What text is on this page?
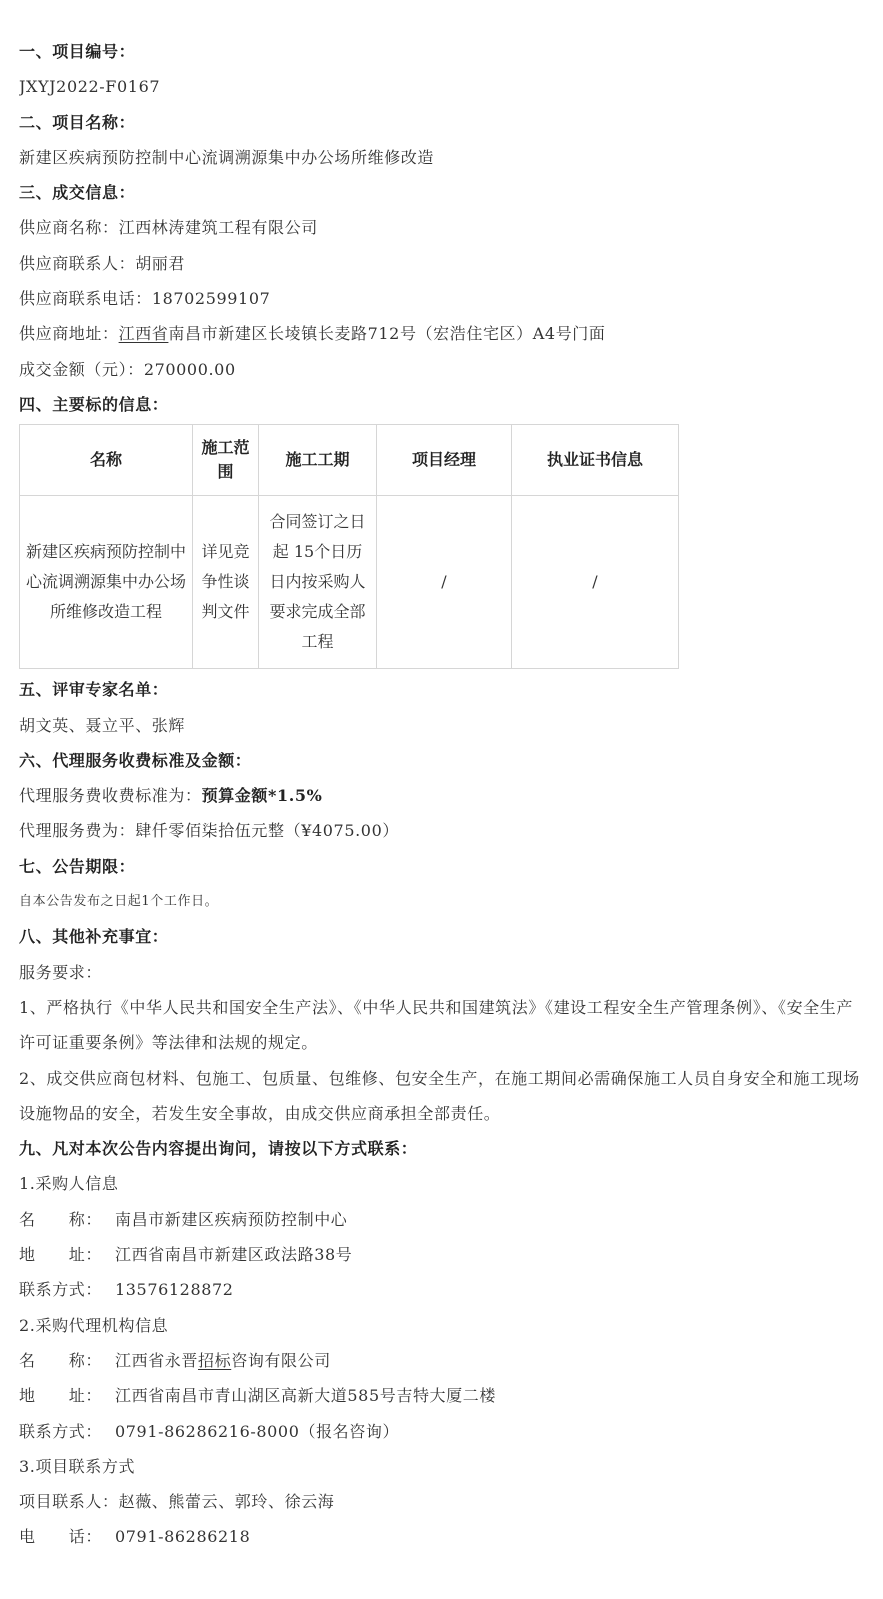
一、项目编号：
JXYJ2022-F0167
二、项目名称：
新建区疾病预防控制中心流调溯源集中办公场所维修改造
三、成交信息：
供应商名称：江西林涛建筑工程有限公司
供应商联系人：胡丽君
供应商联系电话：18702599107
供应商地址：江西省南昌市新建区长堎镇长麦路712号（宏浩住宅区）A4号门面
成交金额（元）：270000.00
四、主要标的信息：
名称	施工范围	施工工期	项目经理	执业证书信息
新建区疾病预防控制中心流调溯源集中办公场所维修改造工程	详见竞争性谈判文件	合同签订之日起 15个日历日内按采购人要求完成全部工程	/	/
五、评审专家名单：
胡文英、聂立平、张辉
六、代理服务收费标准及金额：
代理服务费收费标准为：预算金额*1.5%
代理服务费为：肆仟零佰柒拾伍元整（¥4075.00）
七、公告期限：
自本公告发布之日起1个工作日。
八、其他补充事宜：
服务要求：
1、严格执行《中华人民共和国安全生产法》、《中华人民共和国建筑法》《建设工程安全生产管理条例》、《安全生产许可证重要条例》等法律和法规的规定。
2、成交供应商包材料、包施工、包质量、包维修、包安全生产，在施工期间必需确保施工人员自身安全和施工现场设施物品的安全，若发生安全事故，由成交供应商承担全部责任。
九、凡对本次公告内容提出询问，请按以下方式联系：
1.采购人信息
名　　称： 南昌市新建区疾病预防控制中心
地　　址： 江西省南昌市新建区政法路38号
联系方式： 13576128872
2.采购代理机构信息
名　　称： 江西省永晋招标咨询有限公司
地　　址： 江西省南昌市青山湖区高新大道585号吉特大厦二楼
联系方式： 0791-86286216-8000（报名咨询）
3.项目联系方式
项目联系人：赵薇、熊蕾云、郭玲、徐云海
电　　话： 0791-86286218
